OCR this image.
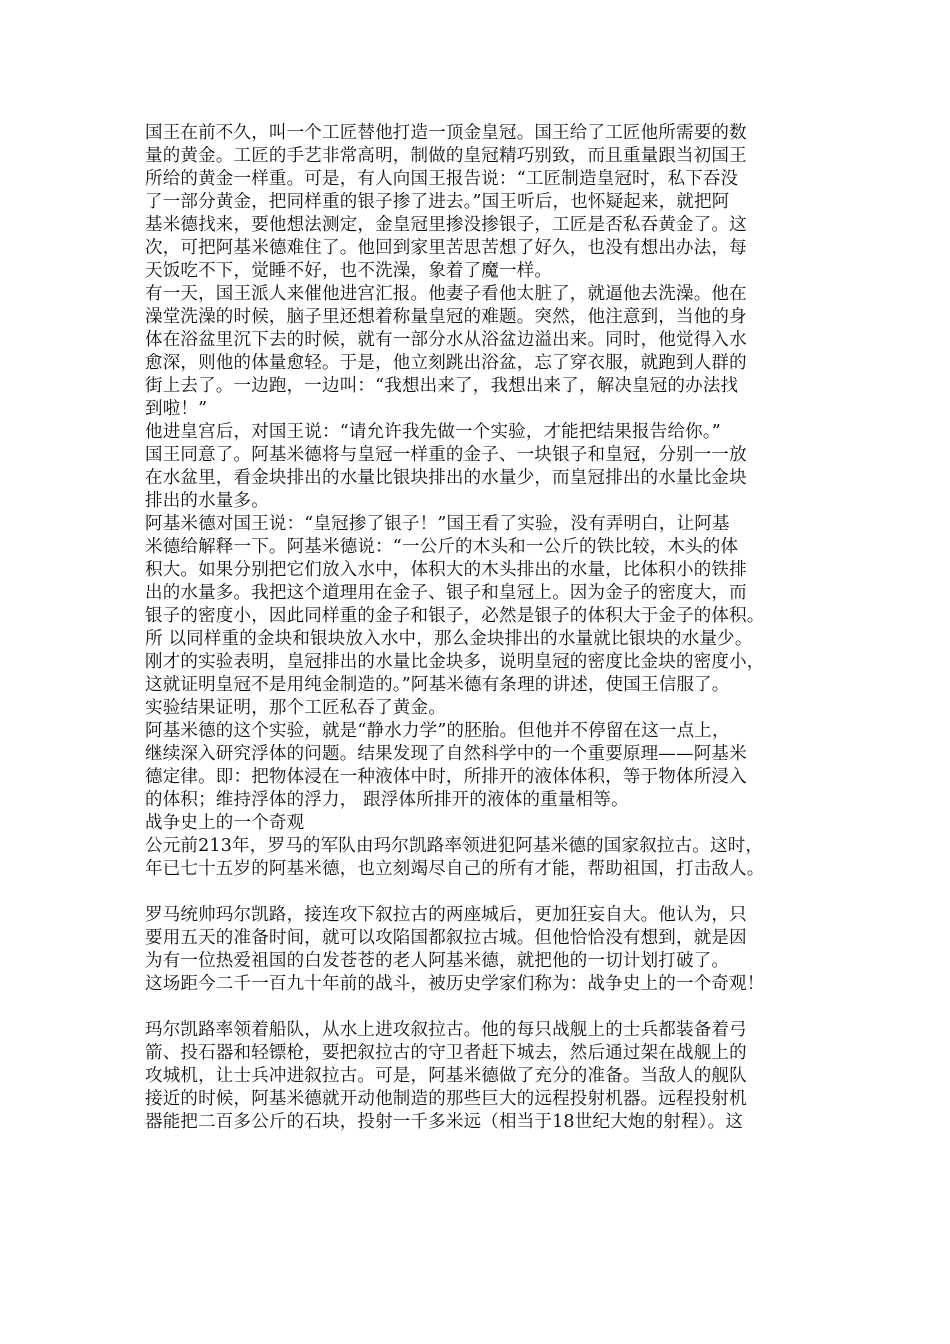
国王在前不久，叫一个工匠替他打造一顶金皇冠。国王给了工匠他所需要的数
量的黄金。工匠的手艺非常高明，制做的皇冠精巧别致，而且重量跟当初国王
所给的黄金一样重。可是，有人向国王报告说：“工匠制造皇冠时，私下吞没
了一部分黄金，把同样重的银子掺了进去。”国王听后，也怀疑起来，就把阿
基米德找来，要他想法测定，金皇冠里掺没掺银子，工匠是否私吞黄金了。这
次，可把阿基米德难住了。他回到家里苦思苦想了好久，也没有想出办法，每
天饭吃不下，觉睡不好，也不洗澡，象着了魔一样。
有一天，国王派人来催他进宫汇报。他妻子看他太脏了，就逼他去洗澡。他在
澡堂洗澡的时候，脑子里还想着称量皇冠的难题。突然，他注意到，当他的身
体在浴盆里沉下去的时候，就有一部分水从浴盆边溢出来。同时，他觉得入水
愈深，则他的体量愈轻。于是，他立刻跳出浴盆，忘了穿衣服，就跑到人群的
街上去了。一边跑，一边叫：“我想出来了，我想出来了，解决皇冠的办法找
到啦！”
他进皇宫后，对国王说：“请允许我先做一个实验，才能把结果报告给你。”
国王同意了。阿基米德将与皇冠一样重的金子、一块银子和皇冠，分别一一放
在水盆里，看金块排出的水量比银块排出的水量少，而皇冠排出的水量比金块
排出的水量多。
阿基米德对国王说：“皇冠掺了银子！”国王看了实验，没有弄明白，让阿基
米德给解释一下。阿基米德说：“一公斤的木头和一公斤的铁比较，木头的体
积大。如果分别把它们放入水中，体积大的木头排出的水量，比体积小的铁排
出的水量多。我把这个道理用在金子、银子和皇冠上。因为金子的密度大，而
银子的密度小，因此同样重的金子和银子，必然是银子的体积大于金子的体积。
所 以同样重的金块和银块放入水中，那么金块排出的水量就比银块的水量少。
刚才的实验表明，皇冠排出的水量比金块多，说明皇冠的密度比金块的密度小，
这就证明皇冠不是用纯金制造的。”阿基米德有条理的讲述，使国王信服了。
实验结果证明，那个工匠私吞了黄金。
阿基米德的这个实验，就是“静水力学”的胚胎。但他并不停留在这一点上，
继续深入研究浮体的问题。结果发现了自然科学中的一个重要原理——阿基米
德定律。即：把物体浸在一种液体中时，所排开的液体体积，等于物体所浸入
的体积；维持浮体的浮力， 跟浮体所排开的液体的重量相等。
战争史上的一个奇观
公元前213年，罗马的军队由玛尔凯路率领进犯阿基米德的国家叙拉古。这时，
年已七十五岁的阿基米德，也立刻竭尽自己的所有才能，帮助祖国，打击敌人。
罗马统帅玛尔凯路，接连攻下叙拉古的两座城后，更加狂妄自大。他认为，只
要用五天的准备时间，就可以攻陷国都叙拉古城。但他恰恰没有想到，就是因
为有一位热爱祖国的白发苍苍的老人阿基米德，就把他的一切计划打破了。
这场距今二千一百九十年前的战斗，被历史学家们称为：战争史上的一个奇观！
玛尔凯路率领着船队，从水上进攻叙拉古。他的每只战舰上的士兵都装备着弓
箭、投石器和轻镖枪，要把叙拉古的守卫者赶下城去，然后通过架在战舰上的
攻城机，让士兵冲进叙拉古。可是，阿基米德做了充分的准备。当敌人的舰队
接近的时候，阿基米德就开动他制造的那些巨大的远程投射机器。远程投射机
器能把二百多公斤的石块，投射一千多米远（相当于18世纪大炮的射程）。这
